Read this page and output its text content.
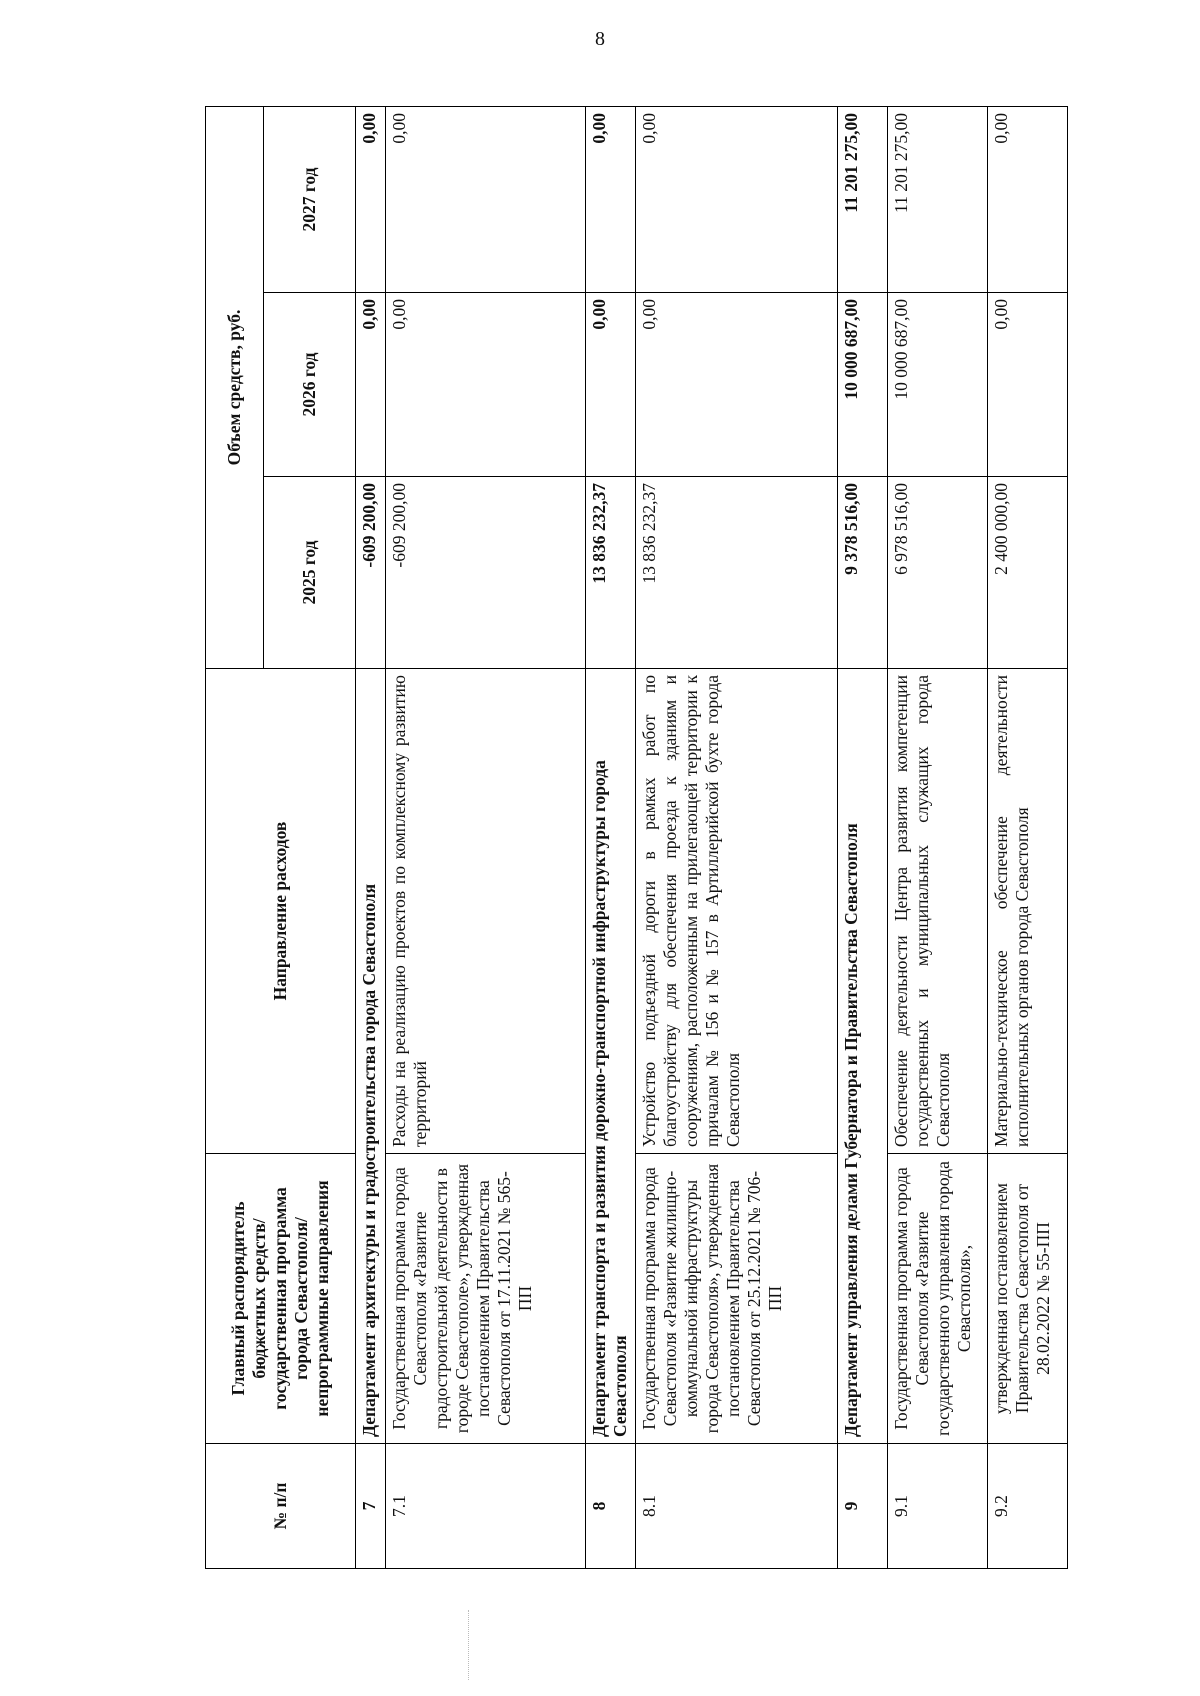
8
№ п/п	Главный распорядитель бюджетных средств/государственная программа города Севастополя/непрограммные направления	Направление расходов	Объем средств, руб.		
			2025 год	2026 год	2027 год
7	Департамент архитектуры и градостроительства города Севастополя		-609 200,00	0,00	0,00
7.1	Государственная программа города Севастополя «Развитие градостроительной деятельности в городе Севастополе», утвержденная постановлением Правительства Севастополя от 17.11.2021 № 565-ПП	Расходы на реализацию проектов по комплексному развитию территорий	-609 200,00	0,00	0,00
8	Департамент транспорта и развития дорожно-транспортной инфраструктуры города Севастополя		13 836 232,37	0,00	0,00
8.1	Государственная программа города Севастополя «Развитие жилищно-коммунальной инфраструктуры города Севастополя», утвержденная постановлением Правительства Севастополя от 25.12.2021 № 706-ПП	Устройство подъездной дороги в рамках работ по благоустройству для обеспечения проезда к зданиям и сооружениям, расположенным на прилегающей территории к причалам № 156 и № 157 в Артиллерийской бухте города Севастополя	13 836 232,37	0,00	0,00
9	Департамент управления делами Губернатора и Правительства Севастополя		9 378 516,00	10 000 687,00	11 201 275,00
9.1	Государственная программа города Севастополя «Развитие государственного управления города Севастополя»,	Обеспечение деятельности Центра развития компетенции государственных и муниципальных служащих города Севастополя	6 978 516,00	10 000 687,00	11 201 275,00
9.2	утвержденная постановлением Правительства Севастополя от 28.02.2022 № 55-ПП	Материально-техническое обеспечение деятельности исполнительных органов города Севастополя	2 400 000,00	0,00	0,00
